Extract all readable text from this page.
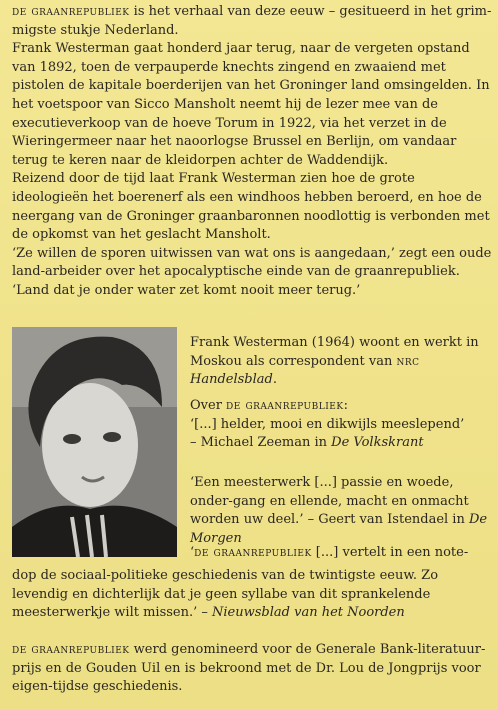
de graanrepubliek is het verhaal van deze eeuw – gesitueerd in het grim-
migste stukje Nederland.
Frank Westerman gaat honderd jaar terug, naar de vergeten opstand van 1892, toen de verpauperde knechts zingend en zwaaiend met pistolen de kapitale boerderijen van het Groninger land omsingelden. In het voetspoor van Sicco Mansholt neemt hij de lezer mee van de executieverkoop van de hoeve Torum in 1922, via het verzet in de Wieringermeer naar het naoorlogse Brussel en Berlijn, om vandaar terug te keren naar de kleidorpen achter de Waddendijk.
Reizend door de tijd laat Frank Westerman zien hoe de grote ideologieën het boerenerf als een windhoos hebben beroerd, en hoe de neergang van de Groninger graanbaronnen noodlottig is verbonden met de opkomst van het geslacht Mansholt.
‘Ze willen de sporen uitwissen van wat ons is aangedaan,’ zegt een oude land-arbeider over het apocalyptische einde van de graanrepubliek. ‘Land dat je onder water zet komt nooit meer terug.’

Frank Westerman (1964) woont en werkt in Moskou als correspondent van nrc Handelsblad.

Over de graanrepubliek:
‘[...] helder, mooi en dikwijls meeslepend’
– Michael Zeeman in De Volkskrant

‘Een meesterwerk [...] passie en woede, onder-gang en ellende, macht en onmacht worden uw deel.’ – Geert van Istendael in De Morgen

‘de graanrepubliek [...] vertelt in een note-

dop de sociaal-politieke geschiedenis van de twintigste eeuw. Zo levendig en dichterlijk dat je geen syllabe van dit sprankelende meesterwerkje wilt missen.’ – Nieuwsblad van het Noorden

de graanrepubliek werd genomineerd voor de Generale Bank-literatuur-prijs en de Gouden Uil en is bekroond met de Dr. Lou de Jongprijs voor eigen-tijdse geschiedenis.
